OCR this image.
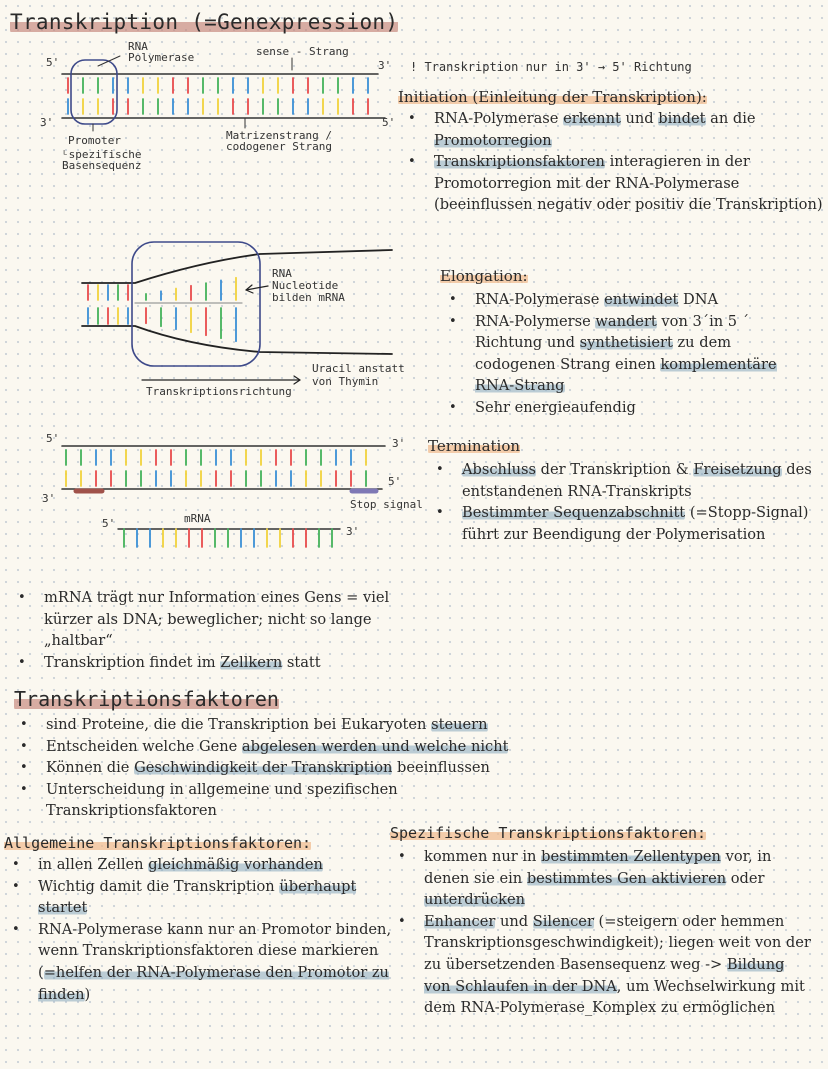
Transkription (=Genexpression)
RNA Polymerase	sense - Strang
5'	3'
3'	5'
Promoter
ᴸspezifische Basensequenz
Matrizenstrang / codogener Strang
RNA Nucleotide bilden mRNA
Transkriptionsrichtung
Uracil anstatt von Thymin
5'	3'
3'
5'
Stop signal
mRNA
5'
3'
! Transkription nur in 3' → 5' Richtung
Initiation (Einleitung der Transkription):
• RNA-Polymerase erkennt und bindet an die Promotorregion
• Transkriptionsfaktoren interagieren in der Promotorregion mit der RNA-Polymerase (beeinflussen negativ oder positiv die Transkription)
Elongation:
• RNA-Polymerase entwindet DNA
• RNA-Polymerse wandert von 3´in 5 ´ Richtung und synthetisiert zu dem codogenen Strang einen komplementäre RNA-Strang
• Sehr energieaufendig
Termination
• Abschluss der Transkription & Freisetzung des entstandenen RNA-Transkripts
• Bestimmter Sequenzabschnitt (=Stopp-Signal) führt zur Beendigung der Polymerisation
• mRNA trägt nur Information eines Gens = viel kürzer als DNA; beweglicher; nicht so lange „haltbar“
• Transkription findet im Zellkern statt
Transkriptionsfaktoren
• sind Proteine, die die Transkription bei Eukaryoten steuern
• Entscheiden welche Gene abgelesen werden und welche nicht
• Können die Geschwindigkeit der Transkription beeinflussen
• Unterscheidung in allgemeine und spezifischen Transkriptionsfaktoren
Allgemeine Transkriptionsfaktoren:
• in allen Zellen gleichmäßig vorhanden
• Wichtig damit die Transkription überhaupt startet
• RNA-Polymerase kann nur an Promotor binden, wenn Transkriptionsfaktoren diese markieren (=helfen der RNA-Polymerase den Promotor zu finden)
Spezifische Transkriptionsfaktoren:
• kommen nur in bestimmten Zellentypen vor, in denen sie ein bestimmtes Gen aktivieren oder unterdrücken
• Enhancer und Silencer (=steigern oder hemmen Transkriptionsgeschwindigkeit); liegen weit von der zu übersetzenden Basensequenz weg -> Bildung von Schlaufen in der DNA, um Wechselwirkung mit dem RNA-Polymerase_Komplex zu ermöglichen
